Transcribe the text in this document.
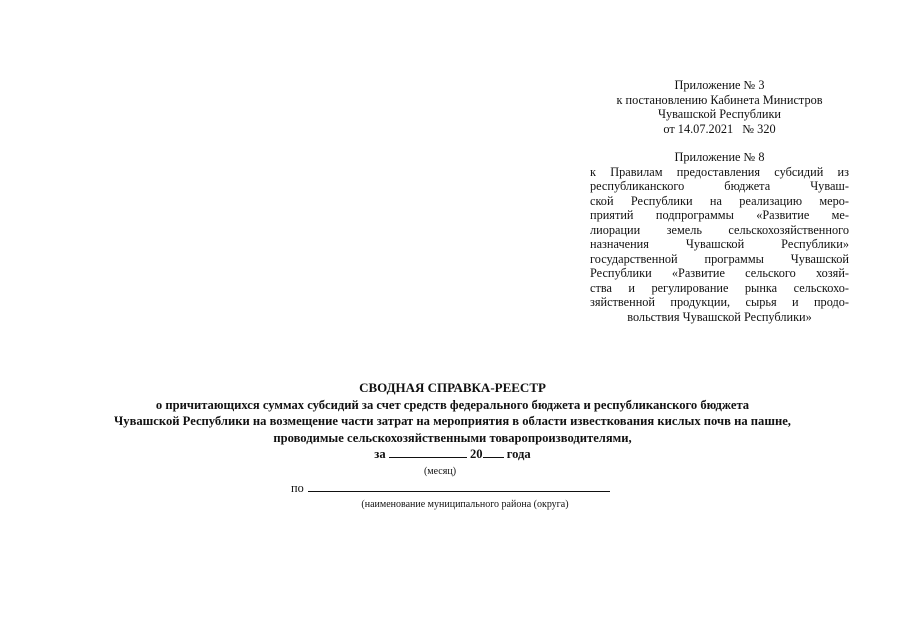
Приложение № 3
к постановлению Кабинета Министров
Чувашской Республики
от 14.07.2021   № 320
Приложение № 8
к Правилам предоставления субсидий из
республиканского бюджета Чуваш-
ской Республики на реализацию меро-
приятий подпрограммы «Развитие ме-
лиорации земель сельскохозяйственного
назначения Чувашской Республики»
государственной программы Чувашской
Республики «Развитие сельского хозяй-
ства и регулирование рынка сельскохо-
зяйственной продукции, сырья и продо-
вольствия Чувашской Республики»
СВОДНАЯ СПРАВКА-РЕЕСТР
о причитающихся суммах субсидий за счет средств федерального бюджета и республиканского бюджета
Чувашской Республики на возмещение части затрат на мероприятия в области известкования кислых почв на пашне,
проводимые сельскохозяйственными товаропроизводителями,
за	20 года
(месяц)
по
(наименование муниципального района (округа)
